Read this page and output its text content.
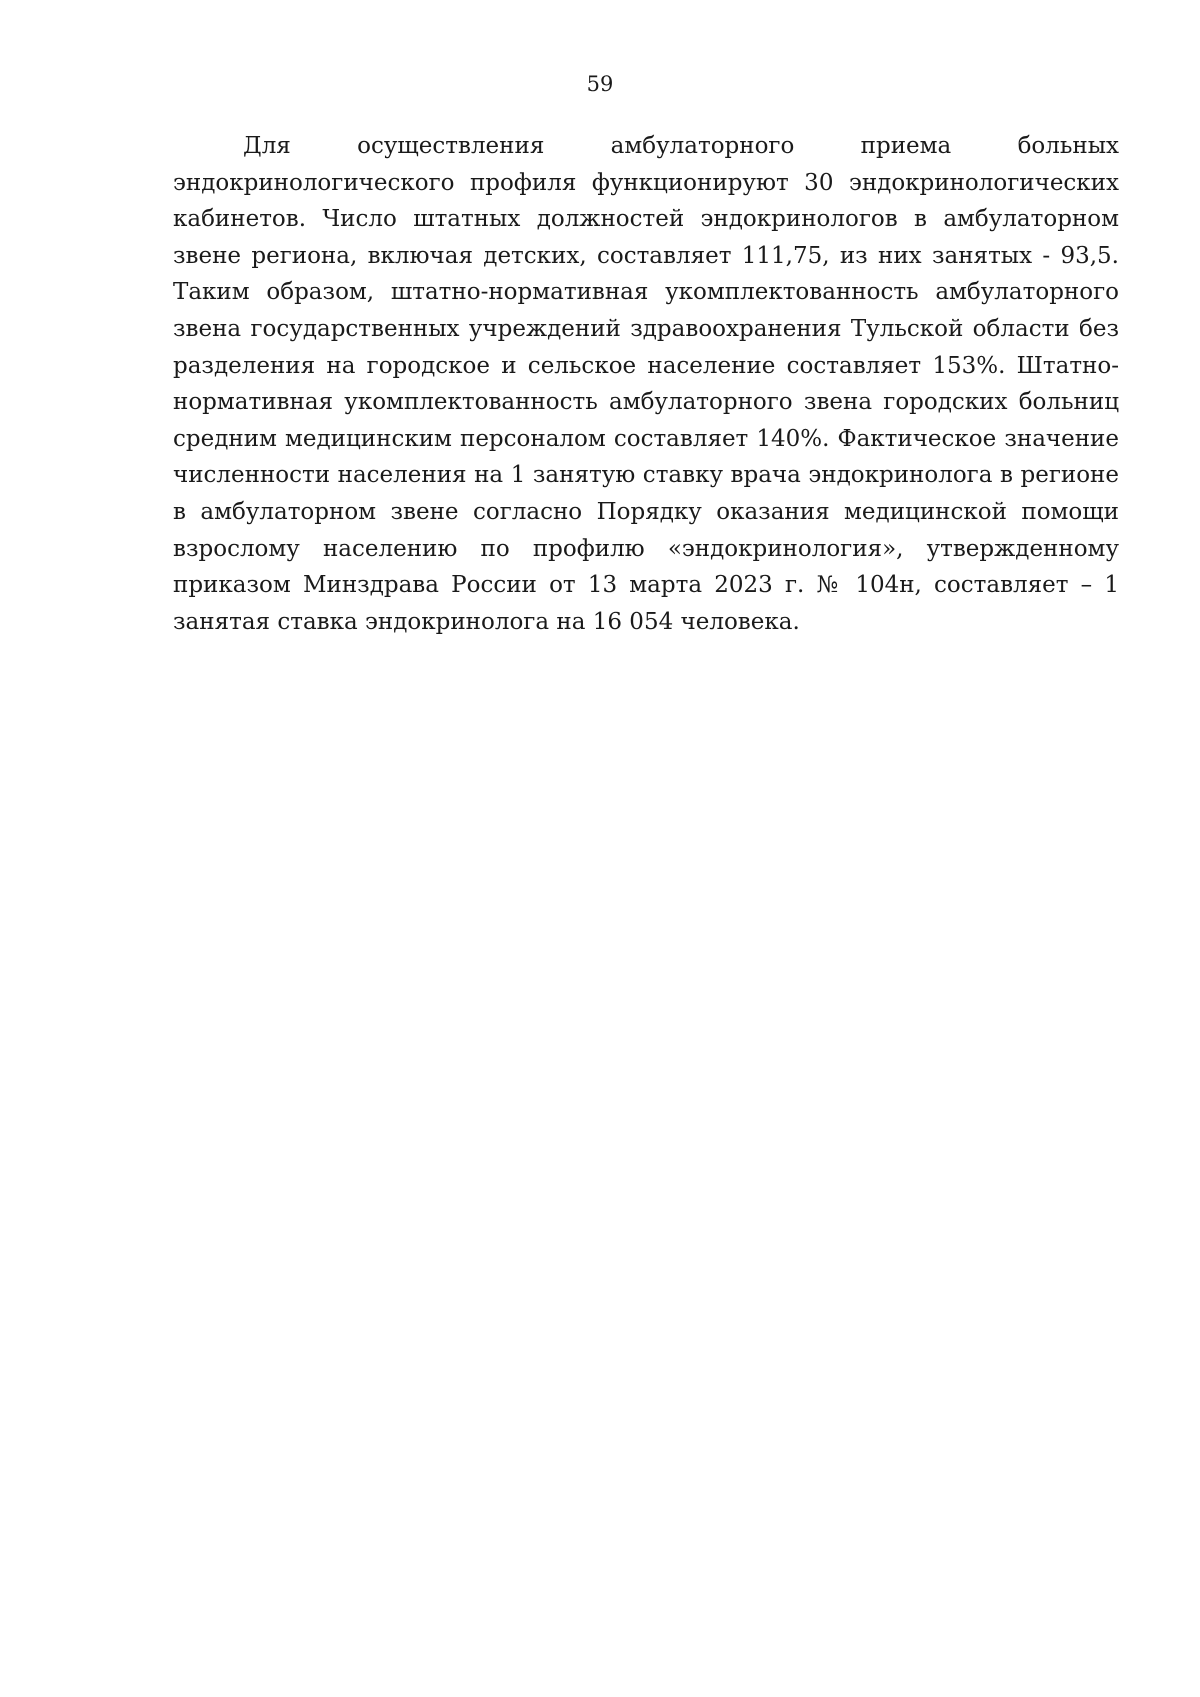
59

Для осуществления амбулаторного приема больных эндокринологического профиля функционируют 30 эндокринологических кабинетов. Число штатных должностей эндокринологов в амбулаторном звене региона, включая детских, составляет 111,75, из них занятых - 93,5. Таким образом, штатно-нормативная укомплектованность амбулаторного звена государственных учреждений здравоохранения Тульской области без разделения на городское и сельское население составляет 153%. Штатно-нормативная укомплектованность амбулаторного звена городских больниц средним медицинским персоналом составляет 140%. Фактическое значение численности населения на 1 занятую ставку врача эндокринолога в регионе в амбулаторном звене согласно Порядку оказания медицинской помощи взрослому населению по профилю «эндокринология», утвержденному приказом Минздрава России от 13 марта 2023 г. № 104н, составляет – 1 занятая ставка эндокринолога на 16 054 человека.
